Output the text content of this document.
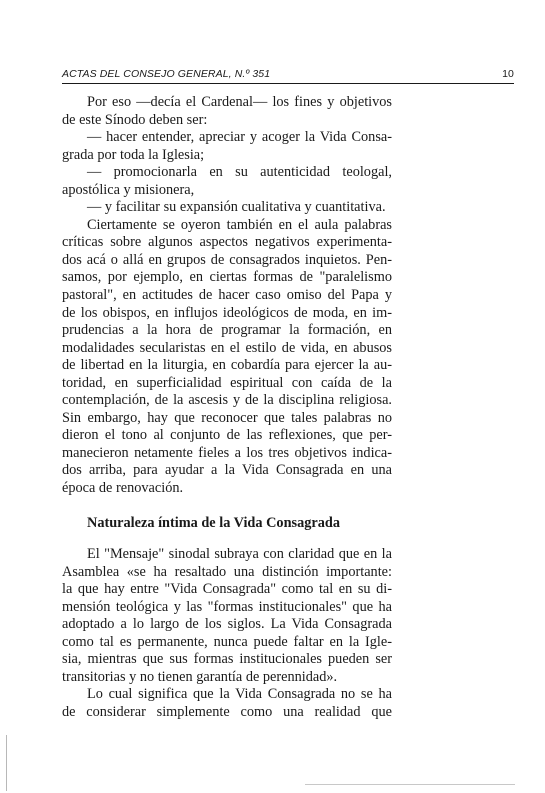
ACTAS DEL CONSEJO GENERAL, N.º 351	10
Por eso —decía el Cardenal— los fines y objetivos
de este Sínodo deben ser:
— hacer entender, apreciar y acoger la Vida Consa-
grada por toda la Iglesia;
— promocionarla en su autenticidad teologal,
apostólica y misionera,
— y facilitar su expansión cualitativa y cuantitativa.
Ciertamente se oyeron también en el aula palabras
críticas sobre algunos aspectos negativos experimenta-
dos acá o allá en grupos de consagrados inquietos. Pen-
samos, por ejemplo, en ciertas formas de "paralelismo
pastoral", en actitudes de hacer caso omiso del Papa y
de los obispos, en influjos ideológicos de moda, en im-
prudencias a la hora de programar la formación, en
modalidades secularistas en el estilo de vida, en abusos
de libertad en la liturgia, en cobardía para ejercer la au-
toridad, en superficialidad espiritual con caída de la
contemplación, de la ascesis y de la disciplina religiosa.
Sin embargo, hay que reconocer que tales palabras no
dieron el tono al conjunto de las reflexiones, que per-
manecieron netamente fieles a los tres objetivos indica-
dos arriba, para ayudar a la Vida Consagrada en una
época de renovación.
Naturaleza íntima de la Vida Consagrada
El "Mensaje" sinodal subraya con claridad que en la
Asamblea «se ha resaltado una distinción importante:
la que hay entre "Vida Consagrada" como tal en su di-
mensión teológica y las "formas institucionales" que ha
adoptado a lo largo de los siglos. La Vida Consagrada
como tal es permanente, nunca puede faltar en la Igle-
sia, mientras que sus formas institucionales pueden ser
transitorias y no tienen garantía de perennidad».
Lo cual significa que la Vida Consagrada no se ha
de considerar simplemente como una realidad que
